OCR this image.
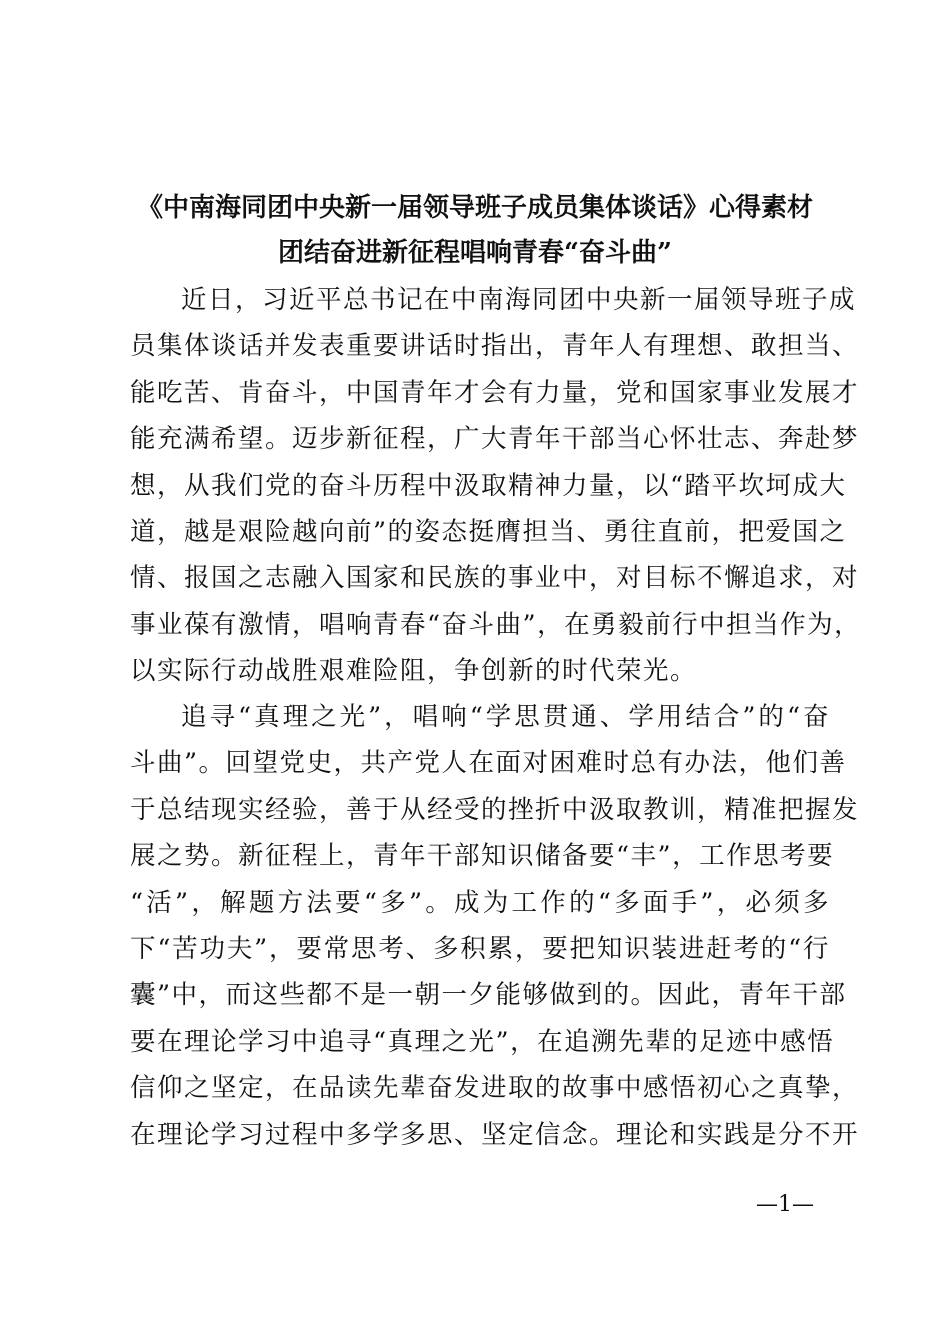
《中南海同团中央新一届领导班子成员集体谈话》心得素材
团结奋进新征程唱响青春“奋斗曲”
近日，习近平总书记在中南海同团中央新一届领导班子成
员集体谈话并发表重要讲话时指出，青年人有理想、敢担当、
能吃苦、肯奋斗，中国青年才会有力量，党和国家事业发展才
能充满希望。迈步新征程，广大青年干部当心怀壮志、奔赴梦
想，从我们党的奋斗历程中汲取精神力量，以“踏平坎坷成大
道，越是艰险越向前”的姿态挺膺担当、勇往直前，把爱国之
情、报国之志融入国家和民族的事业中，对目标不懈追求，对
事业葆有激情，唱响青春“奋斗曲”，在勇毅前行中担当作为，
以实际行动战胜艰难险阻，争创新的时代荣光。
追寻“真理之光”，唱响“学思贯通、学用结合”的“奋
斗曲”。回望党史，共产党人在面对困难时总有办法，他们善
于总结现实经验，善于从经受的挫折中汲取教训，精准把握发
展之势。新征程上，青年干部知识储备要“丰”，工作思考要
“活”，解题方法要“多”。成为工作的“多面手”，必须多
下“苦功夫”，要常思考、多积累，要把知识装进赶考的“行
囊”中，而这些都不是一朝一夕能够做到的。因此，青年干部
要在理论学习中追寻“真理之光”，在追溯先辈的足迹中感悟
信仰之坚定，在品读先辈奋发进取的故事中感悟初心之真挚，
在理论学习过程中多学多思、坚定信念。理论和实践是分不开
—1—
